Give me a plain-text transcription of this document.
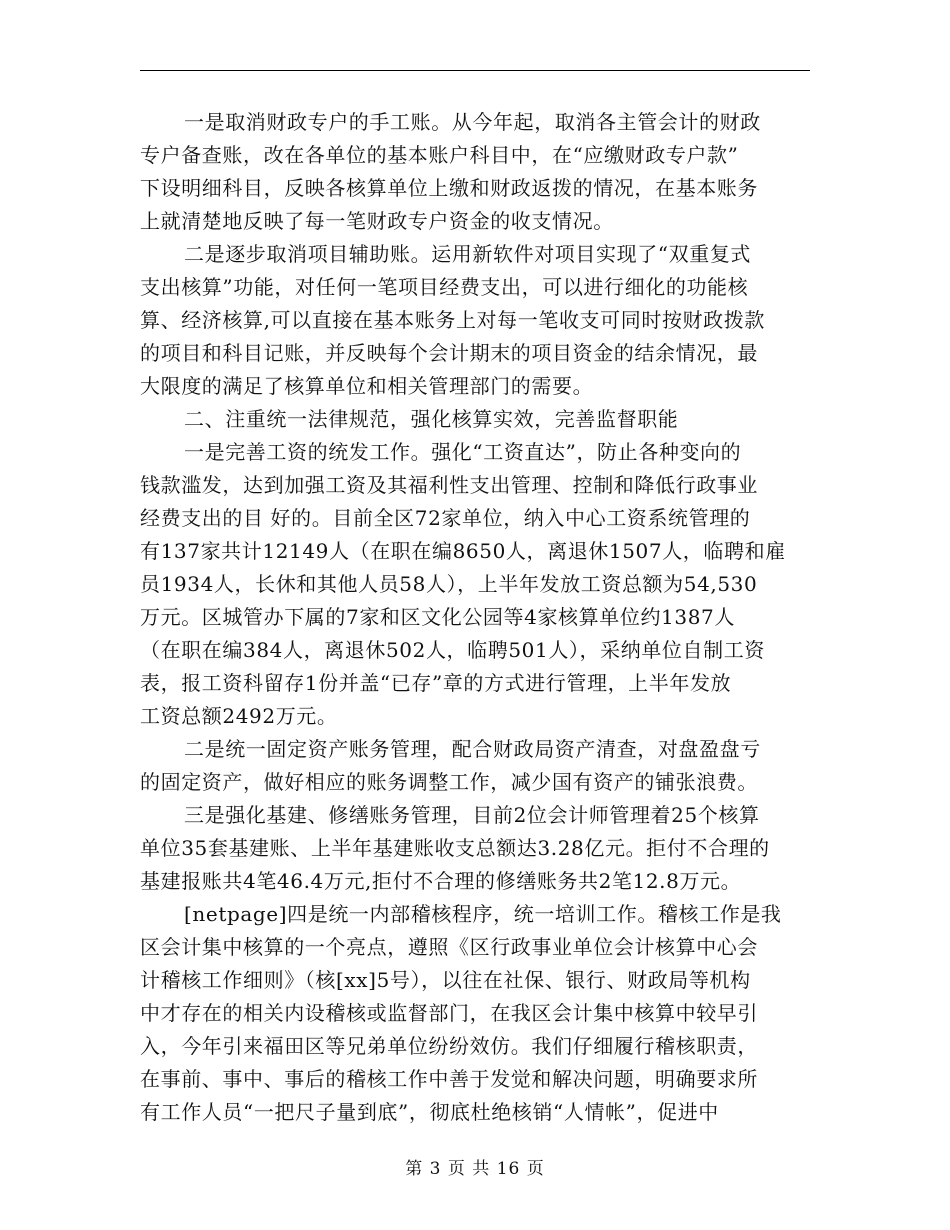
一是取消财政专户的手工账。从今年起，取消各主管会计的财政
专户备查账，改在各单位的基本账户科目中，在“应缴财政专户款”
下设明细科目，反映各核算单位上缴和财政返拨的情况，在基本账务
上就清楚地反映了每一笔财政专户资金的收支情况。
二是逐步取消项目辅助账。运用新软件对项目实现了“双重复式
支出核算”功能，对任何一笔项目经费支出，可以进行细化的功能核
算、经济核算,可以直接在基本账务上对每一笔收支可同时按财政拨款
的项目和科目记账，并反映每个会计期末的项目资金的结余情况，最
大限度的满足了核算单位和相关管理部门的需要。
二、注重统一法律规范，强化核算实效，完善监督职能
一是完善工资的统发工作。强化“工资直达”，防止各种变向的
钱款滥发，达到加强工资及其福利性支出管理、控制和降低行政事业
经费支出的目 好的。目前全区72家单位，纳入中心工资系统管理的
有137家共计12149人（在职在编8650人，离退休1507人，临聘和雇
员1934人，长休和其他人员58人），上半年发放工资总额为54,530
万元。区城管办下属的7家和区文化公园等4家核算单位约1387人
（在职在编384人，离退休502人，临聘501人），采纳单位自制工资
表，报工资科留存1份并盖“已存”章的方式进行管理，上半年发放
工资总额2492万元。
二是统一固定资产账务管理，配合财政局资产清查，对盘盈盘亏
的固定资产，做好相应的账务调整工作，减少国有资产的铺张浪费。
三是强化基建、修缮账务管理，目前2位会计师管理着25个核算
单位35套基建账、上半年基建账收支总额达3.28亿元。拒付不合理的
基建报账共4笔46.4万元,拒付不合理的修缮账务共2笔12.8万元。
[netpage]四是统一内部稽核程序，统一培训工作。稽核工作是我
区会计集中核算的一个亮点，遵照《区行政事业单位会计核算中心会
计稽核工作细则》（核[xx]5号），以往在社保、银行、财政局等机构
中才存在的相关内设稽核或监督部门，在我区会计集中核算中较早引
入，今年引来福田区等兄弟单位纷纷效仿。我们仔细履行稽核职责，
在事前、事中、事后的稽核工作中善于发觉和解决问题，明确要求所
有工作人员“一把尺子量到底”，彻底杜绝核销“人情帐”，促进中
第 3 页 共 16 页
